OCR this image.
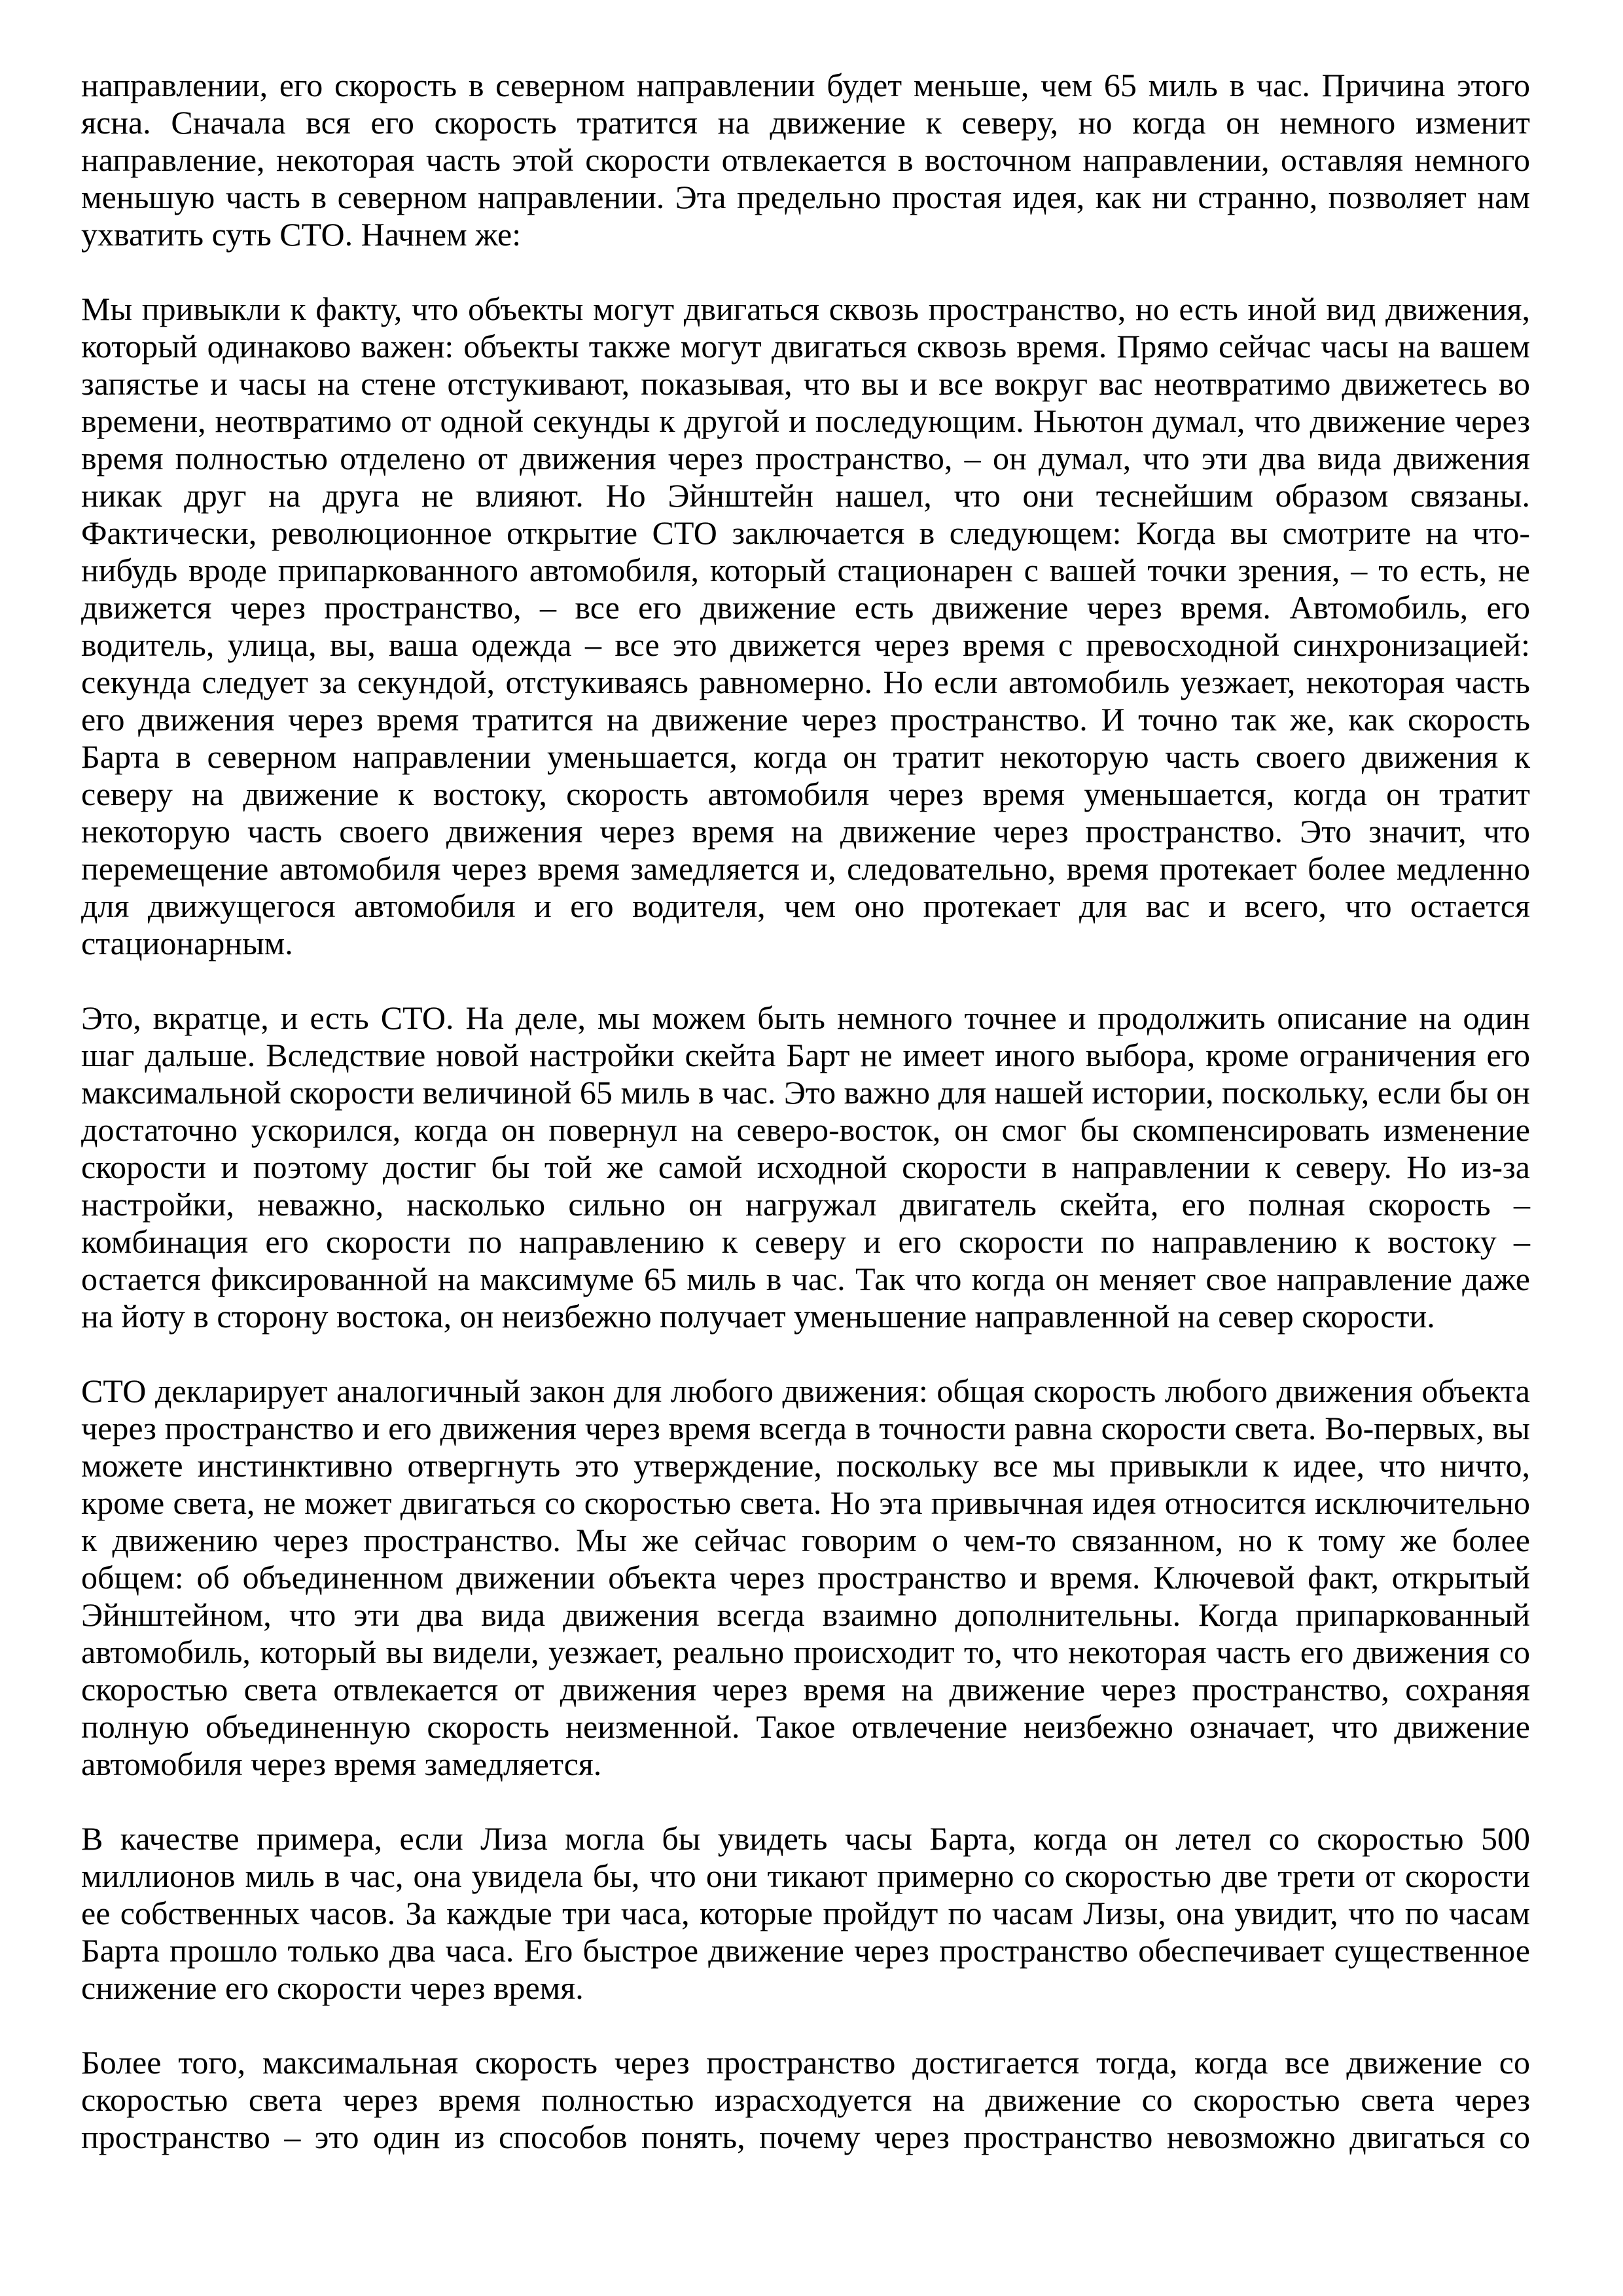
направлении, его скорость в северном направлении будет меньше, чем 65 миль в час. Причина этого ясна. Сначала вся его скорость тратится на движение к северу, но когда он немного изменит направление, некоторая часть этой скорости отвлекается в восточном направлении, оставляя немного меньшую часть в северном направлении. Эта предельно простая идея, как ни странно, позволяет нам ухватить суть СТО. Начнем же:

Мы привыкли к факту, что объекты могут двигаться сквозь пространство, но есть иной вид движения, который одинаково важен: объекты также могут двигаться сквозь время. Прямо сейчас часы на вашем запястье и часы на стене отстукивают, показывая, что вы и все вокруг вас неотвратимо движетесь во времени, неотвратимо от одной секунды к другой и последующим. Ньютон думал, что движение через время полностью отделено от движения через пространство, – он думал, что эти два вида движения никак друг на друга не влияют. Но Эйнштейн нашел, что они теснейшим образом связаны. Фактически, революционное открытие СТО заключается в следующем: Когда вы смотрите на что-нибудь вроде припаркованного автомобиля, который стационарен с вашей точки зрения, – то есть, не движется через пространство, – все его движение есть движение через время. Автомобиль, его водитель, улица, вы, ваша одежда – все это движется через время с превосходной синхронизацией: секунда следует за секундой, отстукиваясь равномерно. Но если автомобиль уезжает, некоторая часть его движения через время тратится на движение через пространство. И точно так же, как скорость Барта в северном направлении уменьшается, когда он тратит некоторую часть своего движения к северу на движение к востоку, скорость автомобиля через время уменьшается, когда он тратит некоторую часть своего движения через время на движение через пространство. Это значит, что перемещение автомобиля через время замедляется и, следовательно, время протекает более медленно для движущегося автомобиля и его водителя, чем оно протекает для вас и всего, что остается стационарным.

Это, вкратце, и есть СТО. На деле, мы можем быть немного точнее и продолжить описание на один шаг дальше. Вследствие новой настройки скейта Барт не имеет иного выбора, кроме ограничения его максимальной скорости величиной 65 миль в час. Это важно для нашей истории, поскольку, если бы он достаточно ускорился, когда он повернул на северо-восток, он смог бы скомпенсировать изменение скорости и поэтому достиг бы той же самой исходной скорости в направлении к северу. Но из-за настройки, неважно, насколько сильно он нагружал двигатель скейта, его полная скорость – комбинация его скорости по направлению к северу и его скорости по направлению к востоку – остается фиксированной на максимуме 65 миль в час. Так что когда он меняет свое направление даже на йоту в сторону востока, он неизбежно получает уменьшение направленной на север скорости.

СТО декларирует аналогичный закон для любого движения: общая скорость любого движения объекта через пространство и его движения через время всегда в точности равна скорости света. Во-первых, вы можете инстинктивно отвергнуть это утверждение, поскольку все мы привыкли к идее, что ничто, кроме света, не может двигаться со скоростью света. Но эта привычная идея относится исключительно к движению через пространство. Мы же сейчас говорим о чем-то связанном, но к тому же более общем: об объединенном движении объекта через пространство и время. Ключевой факт, открытый Эйнштейном, что эти два вида движения всегда взаимно дополнительны. Когда припаркованный автомобиль, который вы видели, уезжает, реально происходит то, что некоторая часть его движения со скоростью света отвлекается от движения через время на движение через пространство, сохраняя полную объединенную скорость неизменной. Такое отвлечение неизбежно означает, что движение автомобиля через время замедляется.

В качестве примера, если Лиза могла бы увидеть часы Барта, когда он летел со скоростью 500 миллионов миль в час, она увидела бы, что они тикают примерно со скоростью две трети от скорости ее собственных часов. За каждые три часа, которые пройдут по часам Лизы, она увидит, что по часам Барта прошло только два часа. Его быстрое движение через пространство обеспечивает существенное снижение его скорости через время.

Более того, максимальная скорость через пространство достигается тогда, когда все движение со скоростью света через время полностью израсходуется на движение со скоростью света через пространство – это один из способов понять, почему через пространство невозможно двигаться со
